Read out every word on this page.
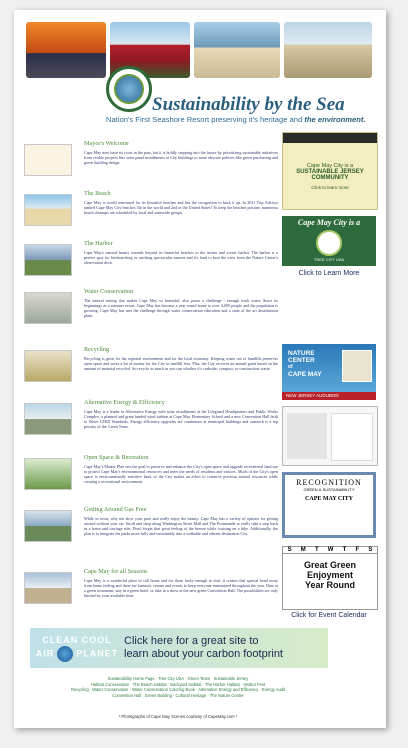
Sustainability by the Sea
Nation's First Seashore Resort preserving it's heritage and the environment.
Mayor's Welcome

Cape May may have its roots in the past, but it is boldly stepping into the future by prioritizing sustainable initiatives from visible projects like solar panel installments at City buildings to more obscure policies like green purchasing and green building design.

The Beach

Cape May is world renowned for its beautiful beaches and has the recognition to back it up. In 2011 Trip Advisor ranked Cape May City beaches 5th in the world and 2nd in the United States! To keep the beaches pristine, numerous beach cleanups are scheduled by local and statewide groups.

The Harbor

Cape May's natural beauty extends beyond its beautiful beaches to the serene and scenic harbor. The harbor is a perfect spot for birdwatching or catching spectacular sunsets and it's hard to beat the view from the Nature Center's observation deck.

Water Conservation

The natural setting that makes Cape May so beautiful, also poses a challenge - enough fresh water. Since its beginnings as a summer resort, Cape May has become a year round home to over 4,000 people and the population is growing. Cape May has met the challenge through water conservation education and a state of the art desalination plant.

Recycling

Recycling is great for the regional environment and for the local economy. Keeping waste out of landfills preserves open space and saves a lot of money for the City in landfill fees. Plus, the City receives an annual grant based on the amount of material recycled. So recycle as much as you can whether it's curbside, compost, or construction waste.

Alternative Energy & Efficiency

Cape May is a leader in Alternative Energy with solar installments at the Lifeguard Headquarters and Public Works Complex, a planned and grant funded wind turbine at Cape May Elementary School and a new Convention Hall built to Silver LEED Standards. Energy efficiency upgrades are continuous at municipal buildings and outreach is a top priority of the Green Team.

Open Space & Recreation

Cape May's Master Plan sets the goal to preserve and enhance the City's open space and upgrade recreational land use to protect Cape May's environmental resources and meet the needs of residents and visitors. Much of the City's open space is environmentally sensitive land, so the City makes an effort to conserve precious natural resources while creating a recreational environment.

Getting Around Gas Free

While in town, why not slow your pace and really enjoy the beauty. Cape May has a variety of options for getting around without your car. Stroll and shop along Washington Street Mall and The Promenade or really take a step back in a horse and carriage ride. Don't forget that great feeling of the breeze while cruising on a bike. Additionally, the plan is to integrate the parks more fully and sustainably into a walkable and vibrant destination City.

Cape May for all Seasons

Cape May is a wonderful place to call home and for those lucky enough to visit, it creates that special bond away from home feeling and there are fantastic venues and events to keep everyone entertained throughout the year. Dine at a green restaurant, stay in a green hotel, or take in a show at the new green Convention Hall. The possibilities are only limited by your available time.

Cape May City is a
SUSTAINABLE JERSEY
COMMUNITY
Click to learn more
Cape May City is a
TREE CITY USA
Click to Learn More
NATURE
CENTER
of
CAPE MAY
NEW JERSEY AUDUBON
RECOGNITION
GREEN & SUSTAINABILITY
CAPE MAY CITY
S M T W T F S
Great Green
Enjoyment
Year Round
Click for Event Calendar
CLEAN COOL
AIR PLANET
Click here for a great site to
learn about your carbon footprint
Sustainability Home Page · Tree City USA · Green Team · Sustainable Jersey
Habitat Conservation · The Beach Habitat · Backyard Habitat · The Harbor Habitat · Harbor Fest
Recycling · Water Conservation · Water Conservation Coloring Book · Alternative Energy and Efficiency · Energy Audit
Convention Hall · Green Building · Cultural Heritage · The Nature Center
* Photographs of Cape May Scenes courtesy of CapeMay.com *
